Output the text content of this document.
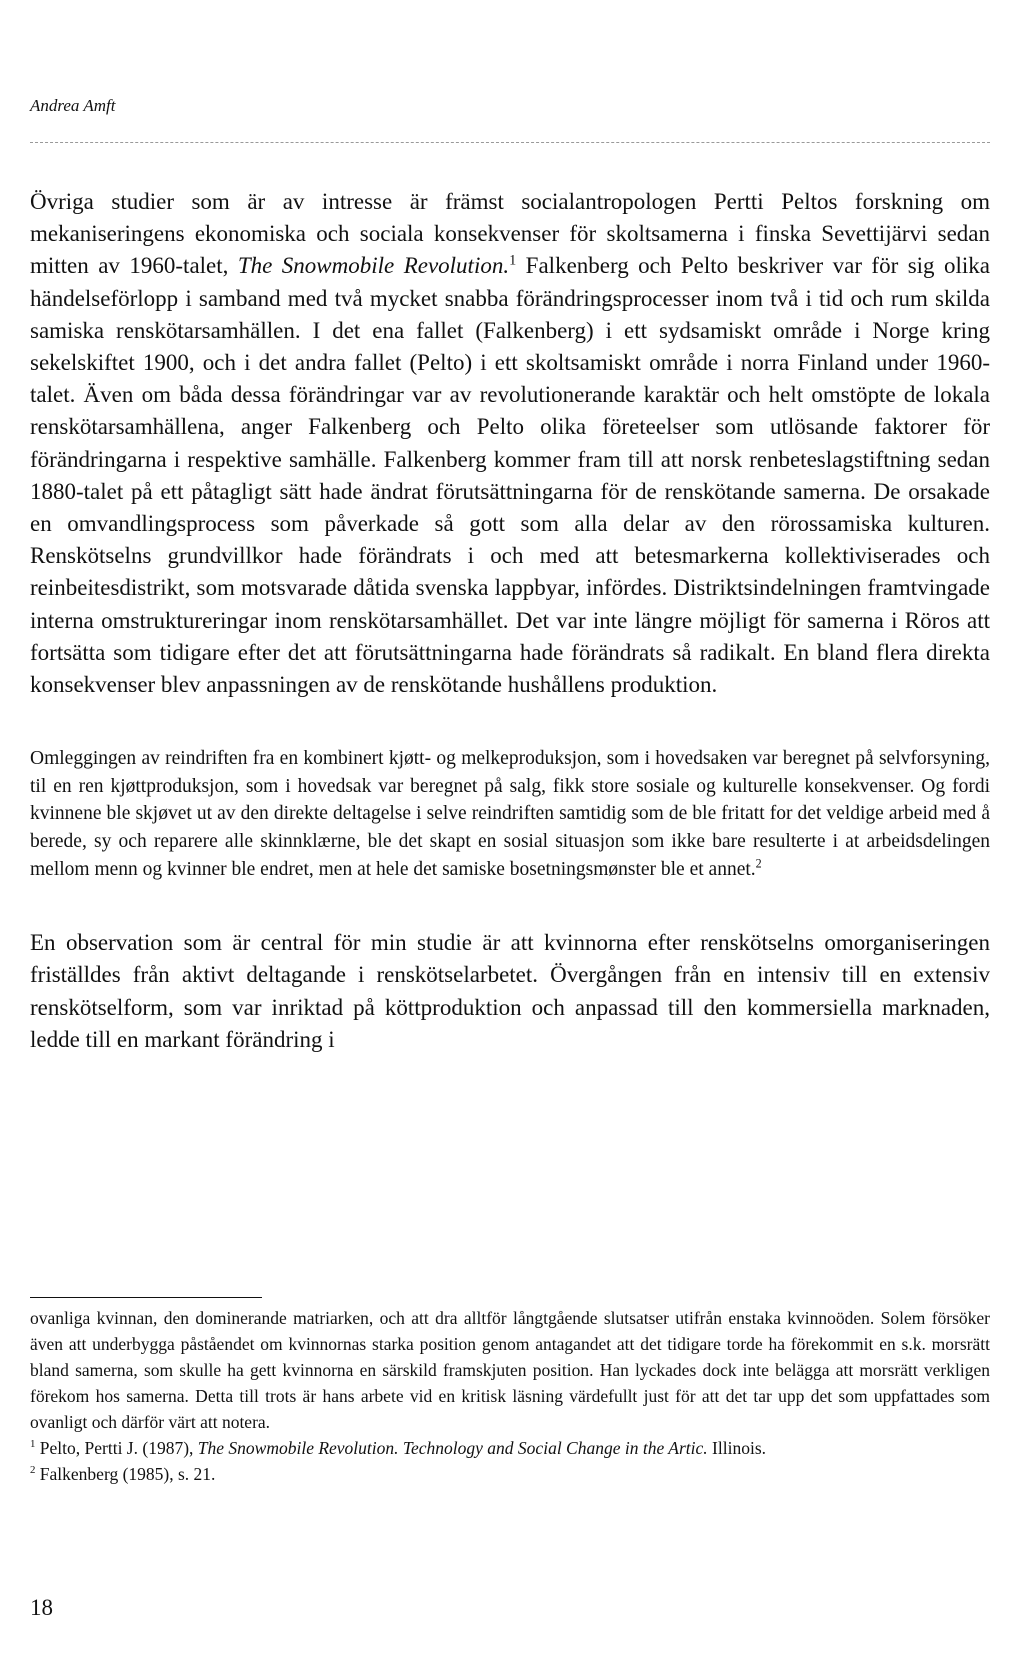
Andrea Amft

Övriga studier som är av intresse är främst socialantropologen Pertti Peltos forskning om mekaniseringens ekonomiska och sociala konsekvenser för skoltsamerna i finska Sevettijärvi sedan mitten av 1960-talet, The Snowmobile Revolution.$^1$ Falkenberg och Pelto beskriver var för sig olika händelseförlopp i samband med två mycket snabba förändringsprocesser inom två i tid och rum skilda samiska renskötarsamhällen. I det ena fallet (Falkenberg) i ett sydsamiskt område i Norge kring sekelskiftet 1900, och i det andra fallet (Pelto) i ett skoltsamiskt område i norra Finland under 1960-talet. Även om båda dessa förändringar var av revolutionerande karaktär och helt omstöpte de lokala renskötarsamhällena, anger Falkenberg och Pelto olika företeelser som utlösande faktorer för förändringarna i respektive samhälle. Falkenberg kommer fram till att norsk renbeteslagstiftning sedan 1880-talet på ett påtagligt sätt hade ändrat förutsättningarna för de renskötande samerna. De orsakade en omvandlingsprocess som påverkade så gott som alla delar av den rörossamiska kulturen. Renskötselns grundvillkor hade förändrats i och med att betesmarkerna kollektiviserades och reinbeitesdistrikt, som motsvarade dåtida svenska lappbyar, infördes. Distriktsindelningen framtvingade interna omstruktureringar inom renskötarsamhället. Det var inte längre möjligt för samerna i Röros att fortsätta som tidigare efter det att förutsättningarna hade förändrats så radikalt. En bland flera direkta konsekvenser blev anpassningen av de renskötande hushållens produktion.

Omleggingen av reindriften fra en kombinert kjøtt- og melkeproduksjon, som i hovedsaken var beregnet på selvforsyning, til en ren kjøttproduksjon, som i hovedsak var beregnet på salg, fikk store sosiale og kulturelle konsekvenser. Og fordi kvinnene ble skjøvet ut av den direkte deltagelse i selve reindriften samtidig som de ble fritatt for det veldige arbeid med å berede, sy och reparere alle skinnklærne, ble det skapt en sosial situasjon som ikke bare resulterte i at arbeidsdelingen mellom menn og kvinner ble endret, men at hele det samiske bosetningsmønster ble et annet.$^2$

En observation som är central för min studie är att kvinnorna efter renskötselns omorganiseringen friställdes från aktivt deltagande i renskötselarbetet. Övergången från en intensiv till en extensiv renskötselform, som var inriktad på köttproduktion och anpassad till den kommersiella marknaden, ledde till en markant förändring i

ovanliga kvinnan, den dominerande matriarken, och att dra alltför långtgående slutsatser utifrån enstaka kvinnoöden. Solem försöker även att underbygga påståendet om kvinnornas starka position genom antagandet att det tidigare torde ha förekommit en s.k. morsrätt bland samerna, som skulle ha gett kvinnorna en särskild framskjuten position. Han lyckades dock inte belägga att morsrätt verkligen förekom hos samerna. Detta till trots är hans arbete vid en kritisk läsning värdefullt just för att det tar upp det som uppfattades som ovanligt och därför värt att notera.

$^1$ Pelto, Pertti J. (1987), The Snowmobile Revolution. Technology and Social Change in the Artic. Illinois.

$^2$ Falkenberg (1985), s. 21.

18
